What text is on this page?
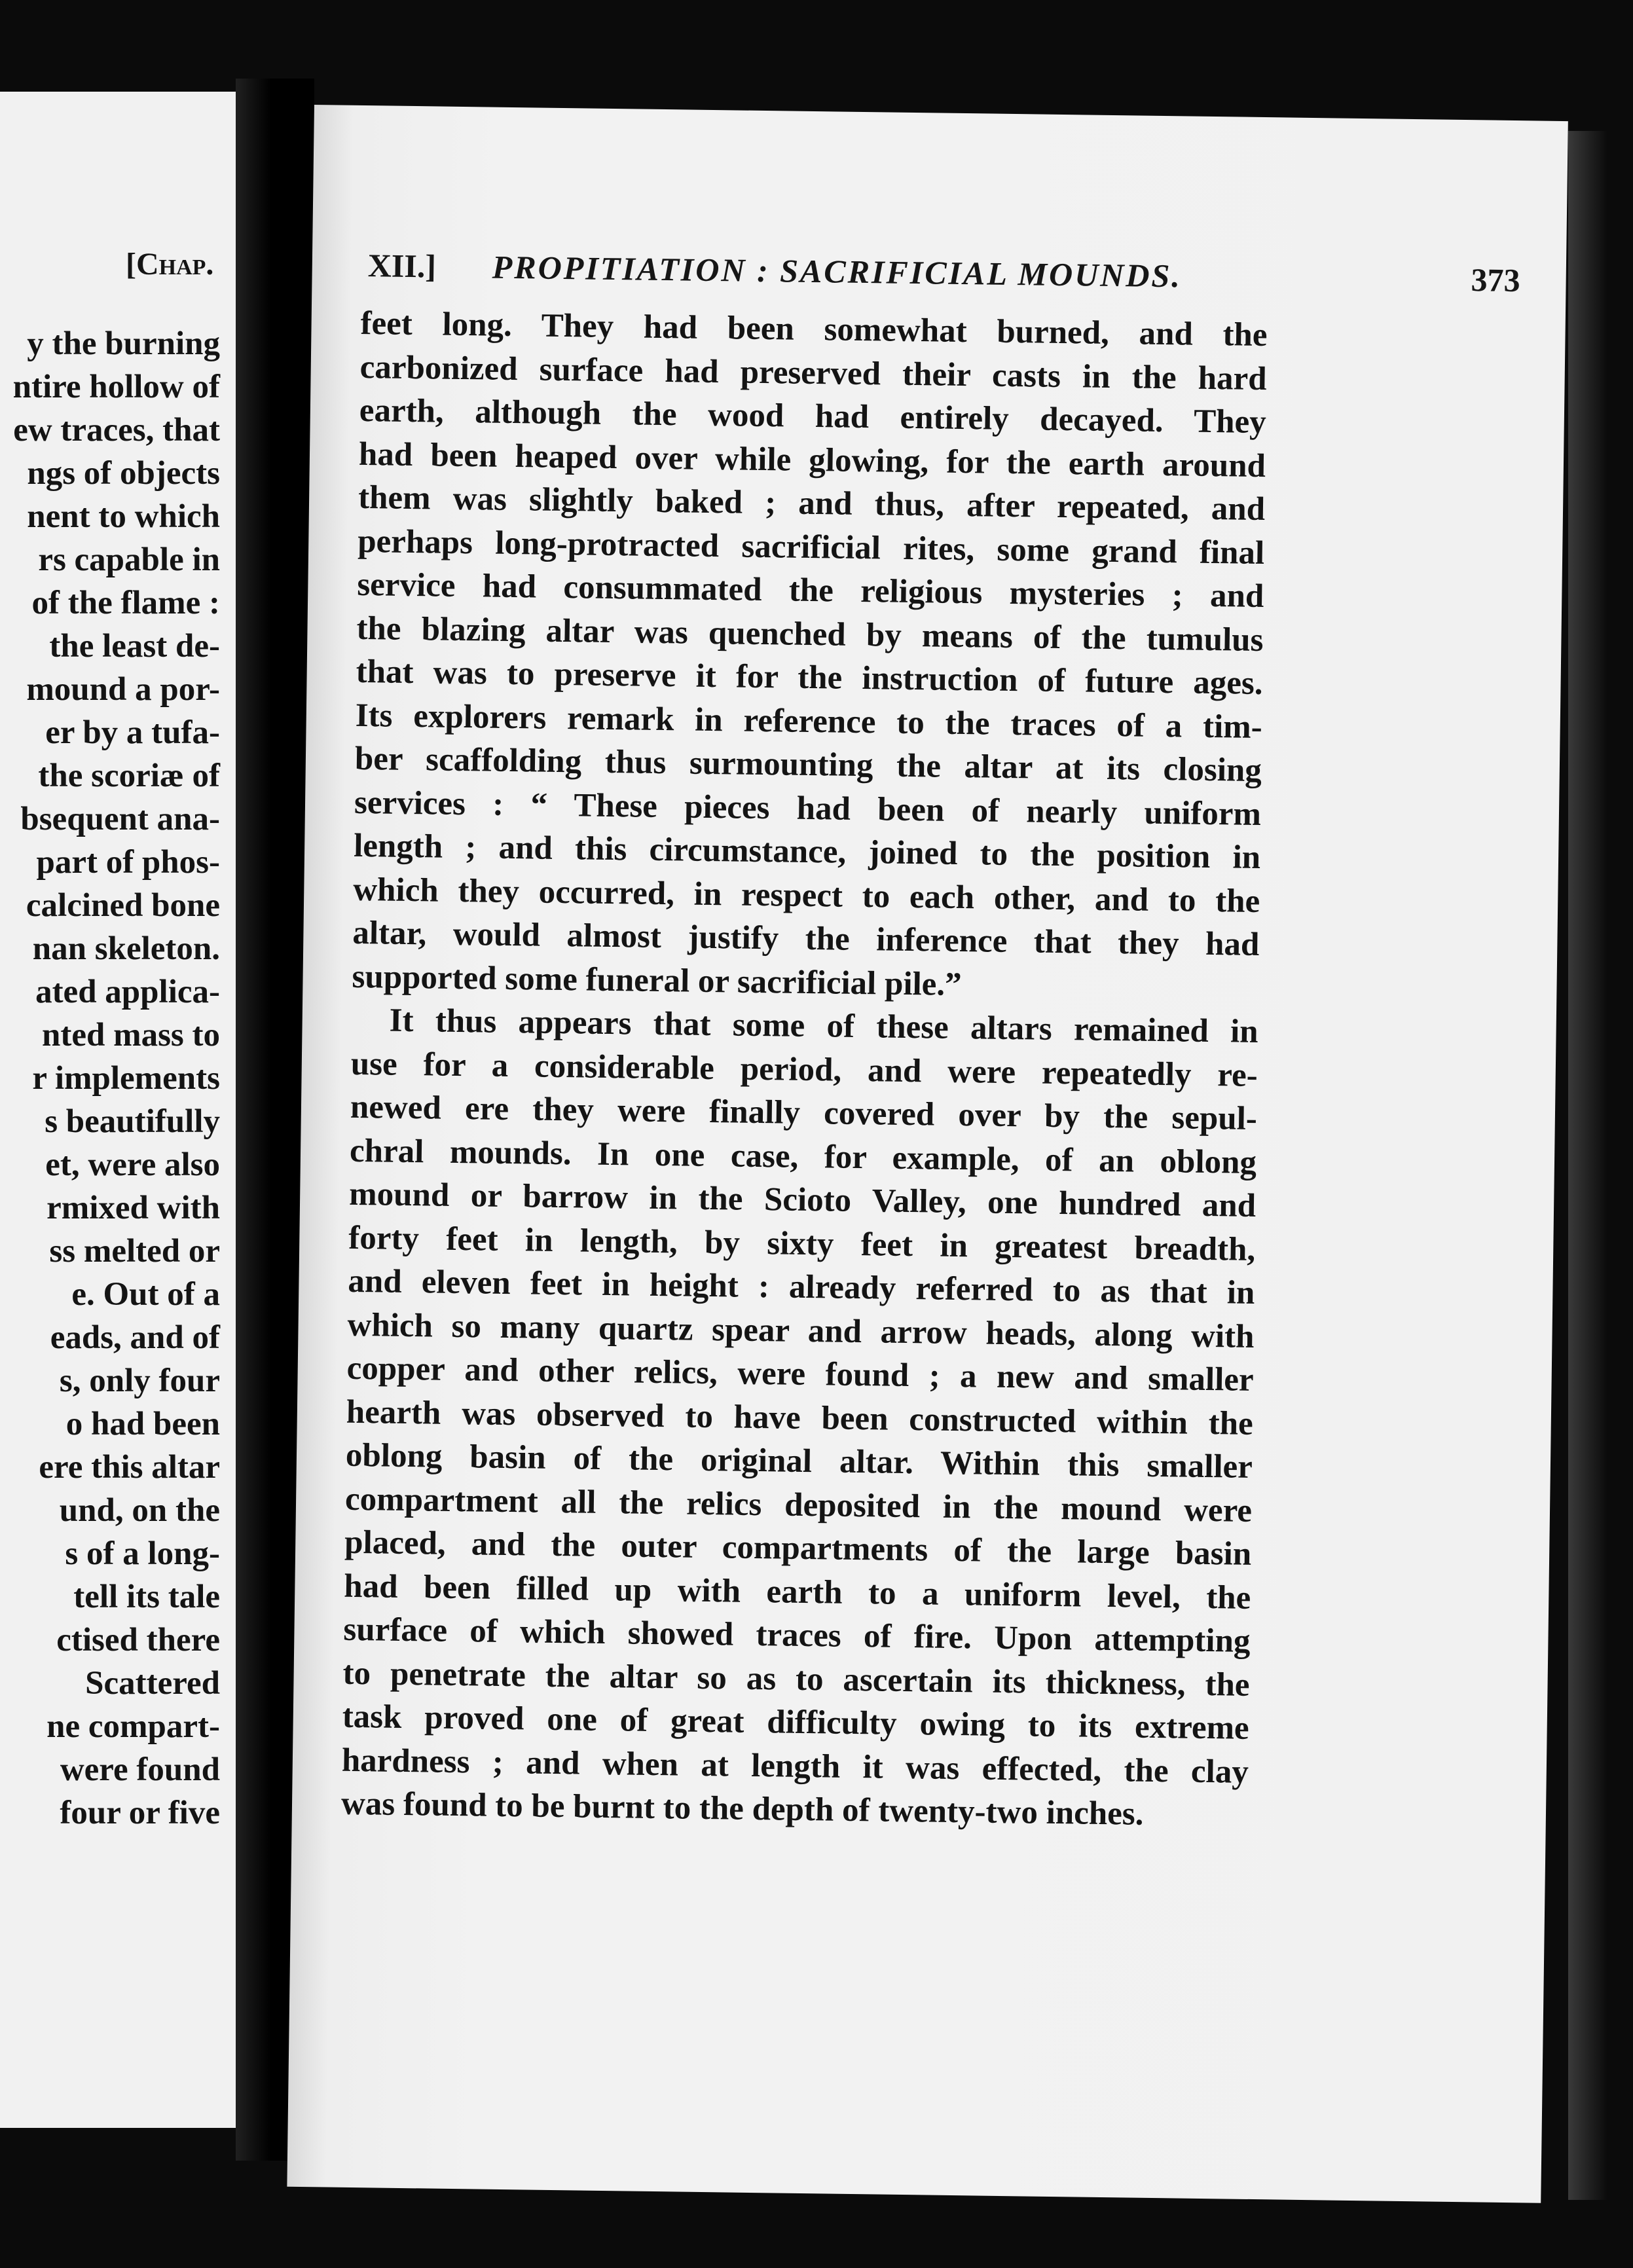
[Chap.
y the burning
ntire hollow of
ew traces, that
ngs of objects
nent to which
rs capable in
of the flame :
the least de-
mound a por-
er by a tufa-
the scoriæ of
bsequent ana-
part of phos-
calcined bone
nan skeleton.
ated applica-
nted mass to
r implements
s beautifully
et, were also
rmixed with
ss melted or
e. Out of a
eads, and of
s, only four
o had been
ere this altar
und, on the
s of a long-
tell its tale
ctised there
Scattered
ne compart-
were found
four or five
XII.] PROPITIATION : SACRIFICIAL MOUNDS.	373
feet long. They had been somewhat burned, and the
carbonized surface had preserved their casts in the hard
earth, although the wood had entirely decayed. They
had been heaped over while glowing, for the earth around
them was slightly baked ; and thus, after repeated, and
perhaps long-protracted sacrificial rites, some grand final
service had consummated the religious mysteries ; and
the blazing altar was quenched by means of the tumulus
that was to preserve it for the instruction of future ages.
Its explorers remark in reference to the traces of a tim-
ber scaffolding thus surmounting the altar at its closing
services : “ These pieces had been of nearly uniform
length ; and this circumstance, joined to the position in
which they occurred, in respect to each other, and to the
altar, would almost justify the inference that they had
supported some funeral or sacrificial pile.”
It thus appears that some of these altars remained in
use for a considerable period, and were repeatedly re-
newed ere they were finally covered over by the sepul-
chral mounds. In one case, for example, of an oblong
mound or barrow in the Scioto Valley, one hundred and
forty feet in length, by sixty feet in greatest breadth,
and eleven feet in height : already referred to as that in
which so many quartz spear and arrow heads, along with
copper and other relics, were found ; a new and smaller
hearth was observed to have been constructed within the
oblong basin of the original altar. Within this smaller
compartment all the relics deposited in the mound were
placed, and the outer compartments of the large basin
had been filled up with earth to a uniform level, the
surface of which showed traces of fire. Upon attempting
to penetrate the altar so as to ascertain its thickness, the
task proved one of great difficulty owing to its extreme
hardness ; and when at length it was effected, the clay
was found to be burnt to the depth of twenty-two inches.
